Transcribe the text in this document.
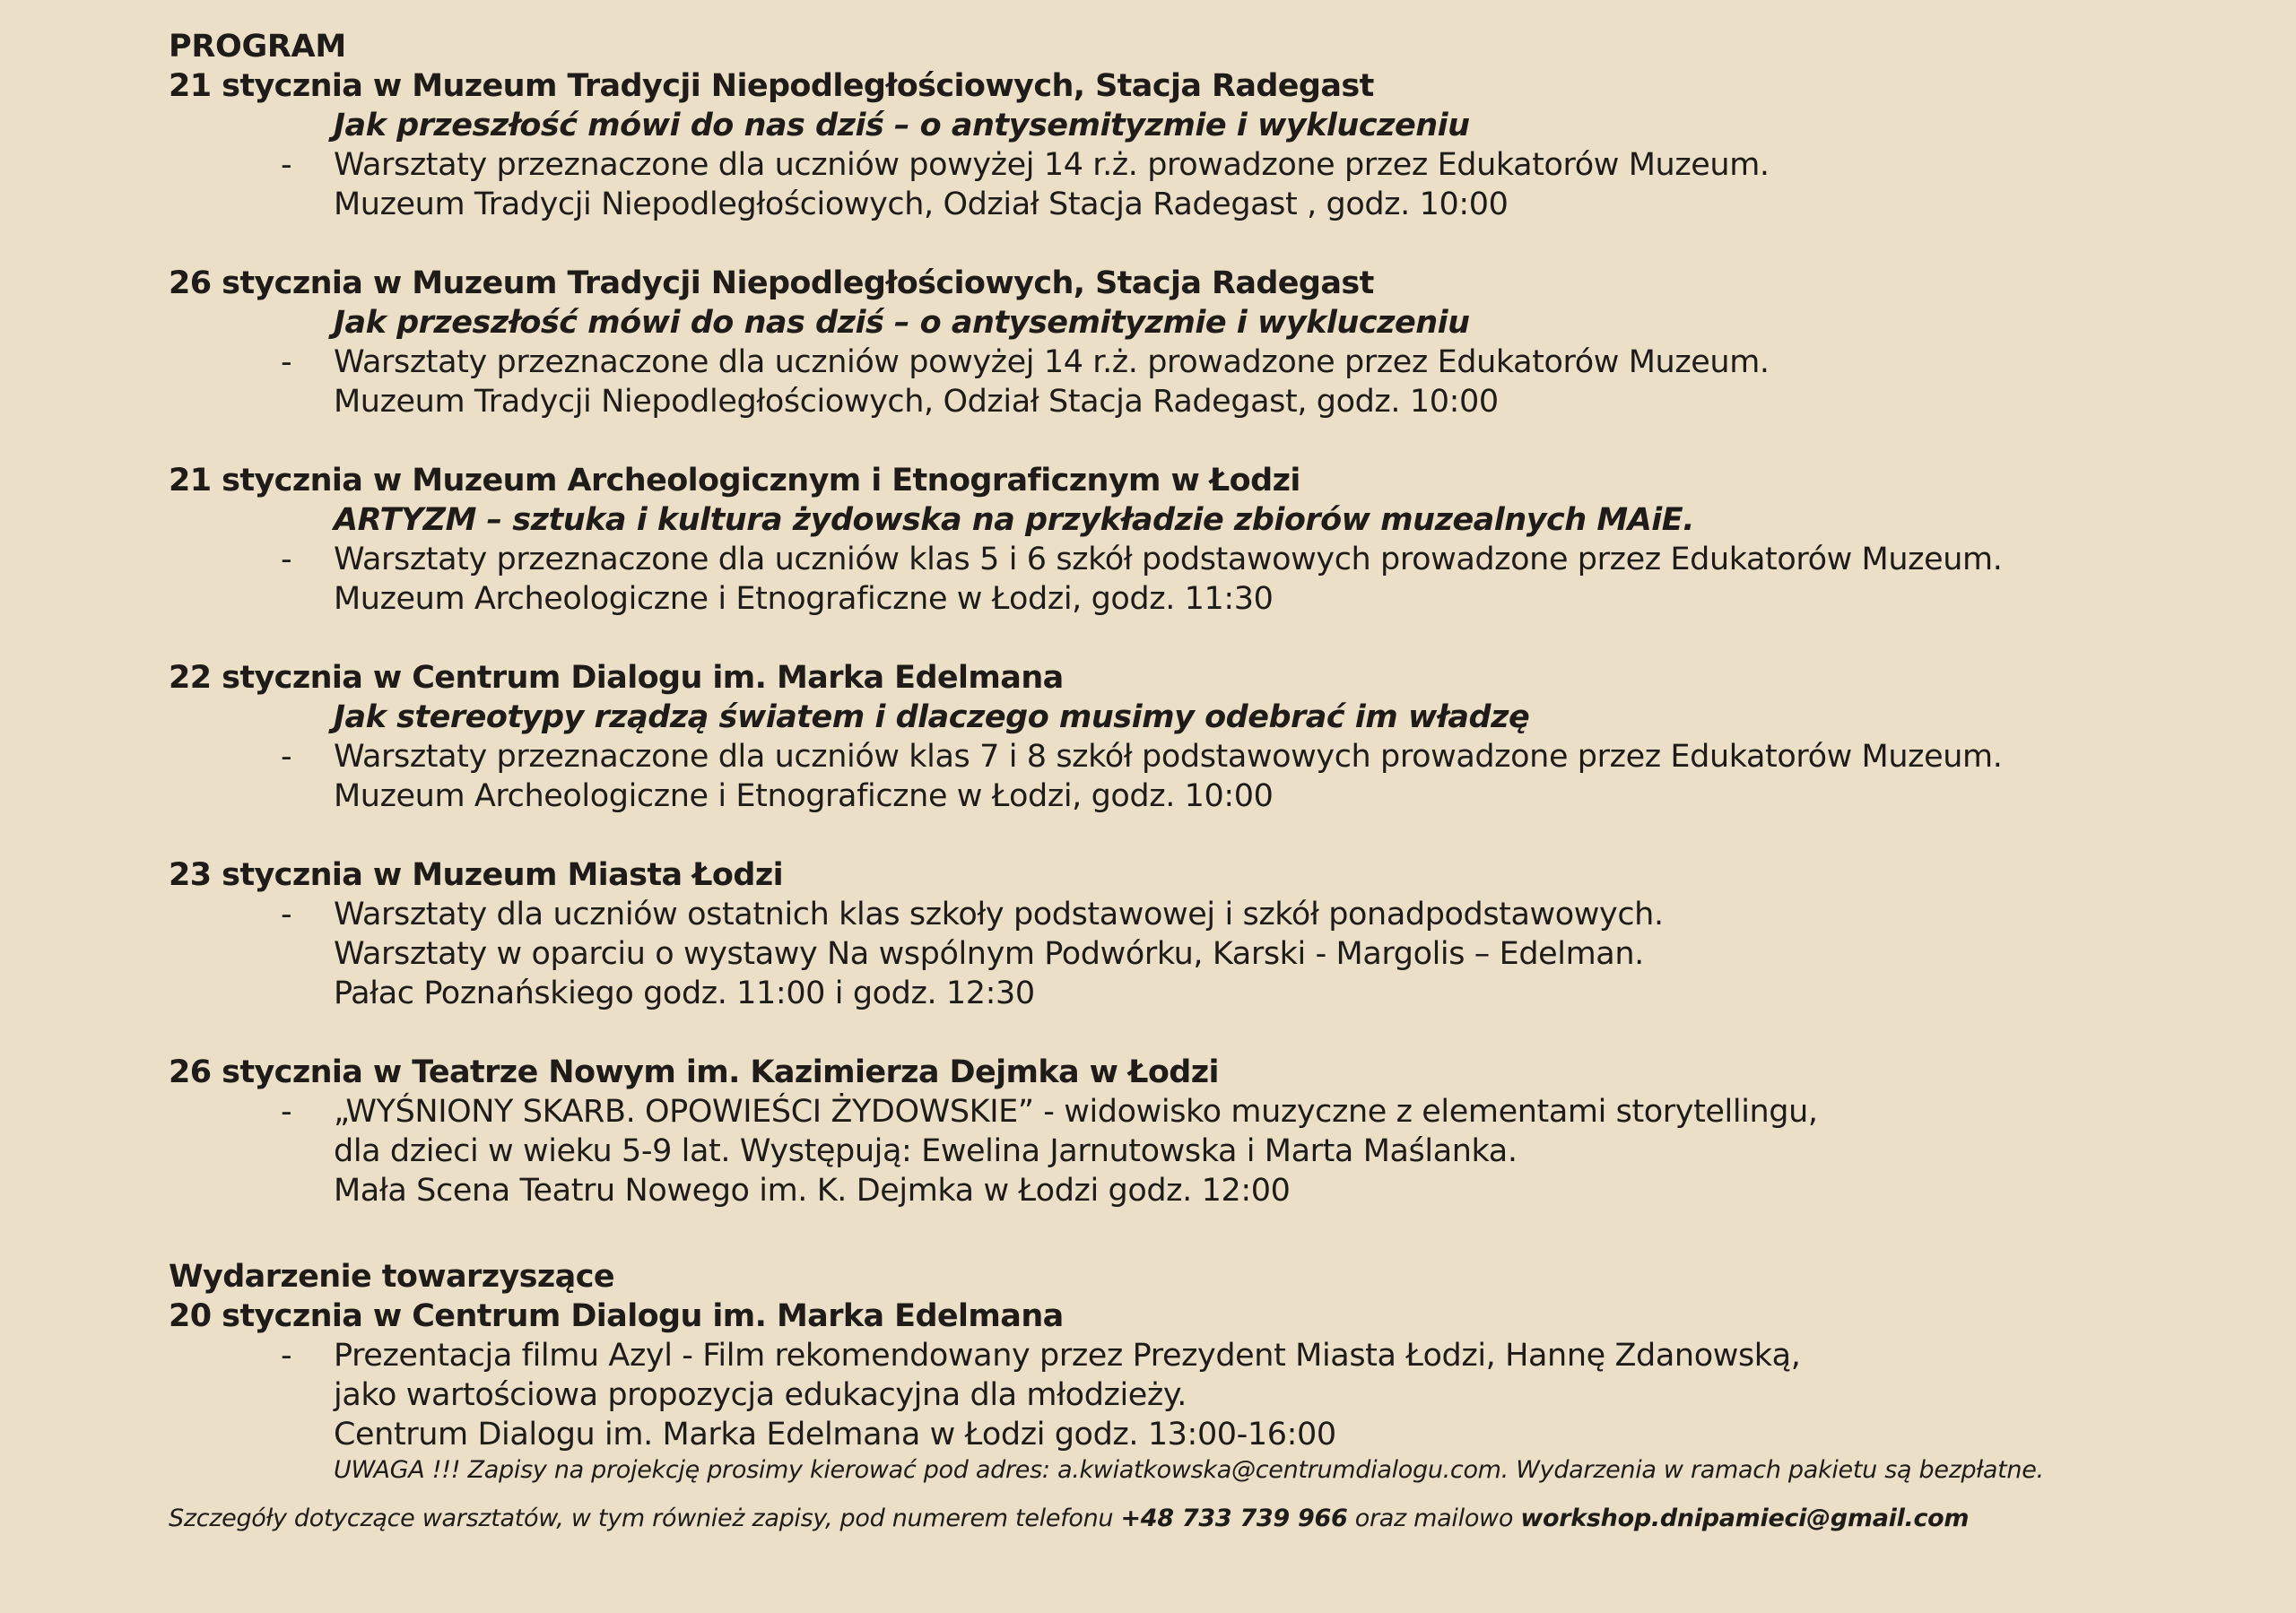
PROGRAM
21 stycznia w Muzeum Tradycji Niepodległościowych, Stacja Radegast
Jak przeszłość mówi do nas dziś – o antysemityzmie i wykluczeniu
- Warsztaty przeznaczone dla uczniów powyżej 14 r.ż. prowadzone przez Edukatorów Muzeum.
Muzeum Tradycji Niepodległościowych, Odział Stacja Radegast , godz. 10:00
26 stycznia w Muzeum Tradycji Niepodległościowych, Stacja Radegast
Jak przeszłość mówi do nas dziś – o antysemityzmie i wykluczeniu
- Warsztaty przeznaczone dla uczniów powyżej 14 r.ż. prowadzone przez Edukatorów Muzeum.
Muzeum Tradycji Niepodległościowych, Odział Stacja Radegast, godz. 10:00
21 stycznia w Muzeum Archeologicznym i Etnograficznym w Łodzi
ARTYZM – sztuka i kultura żydowska na przykładzie zbiorów muzealnych MAiE.
- Warsztaty przeznaczone dla uczniów klas 5 i 6 szkół podstawowych prowadzone przez Edukatorów Muzeum.
Muzeum Archeologiczne i Etnograficzne w Łodzi, godz. 11:30
22 stycznia w Centrum Dialogu im. Marka Edelmana
Jak stereotypy rządzą światem i dlaczego musimy odebrać im władzę
- Warsztaty przeznaczone dla uczniów klas 7 i 8 szkół podstawowych prowadzone przez Edukatorów Muzeum.
Muzeum Archeologiczne i Etnograficzne w Łodzi, godz. 10:00
23 stycznia w Muzeum Miasta Łodzi
- Warsztaty dla uczniów ostatnich klas szkoły podstawowej i szkół ponadpodstawowych.
Warsztaty w oparciu o wystawy Na wspólnym Podwórku, Karski - Margolis – Edelman.
Pałac Poznańskiego godz. 11:00 i godz. 12:30
26 stycznia w Teatrze Nowym im. Kazimierza Dejmka w Łodzi
- „WYŚNIONY SKARB. OPOWIEŚCI ŻYDOWSKIE” - widowisko muzyczne z elementami storytellingu,
dla dzieci w wieku 5-9 lat. Występują: Ewelina Jarnutowska i Marta Maślanka.
Mała Scena Teatru Nowego im. K. Dejmka w Łodzi godz. 12:00
Wydarzenie towarzyszące
20 stycznia w Centrum Dialogu im. Marka Edelmana
- Prezentacja filmu Azyl - Film rekomendowany przez Prezydent Miasta Łodzi, Hannę Zdanowską,
jako wartościowa propozycja edukacyjna dla młodzieży.
Centrum Dialogu im. Marka Edelmana w Łodzi godz. 13:00-16:00
UWAGA !!! Zapisy na projekcję prosimy kierować pod adres: a.kwiatkowska@centrumdialogu.com. Wydarzenia w ramach pakietu są bezpłatne.
Szczegóły dotyczące warsztatów, w tym również zapisy, pod numerem telefonu +48 733 739 966 oraz mailowo workshop.dnipamieci@gmail.com
